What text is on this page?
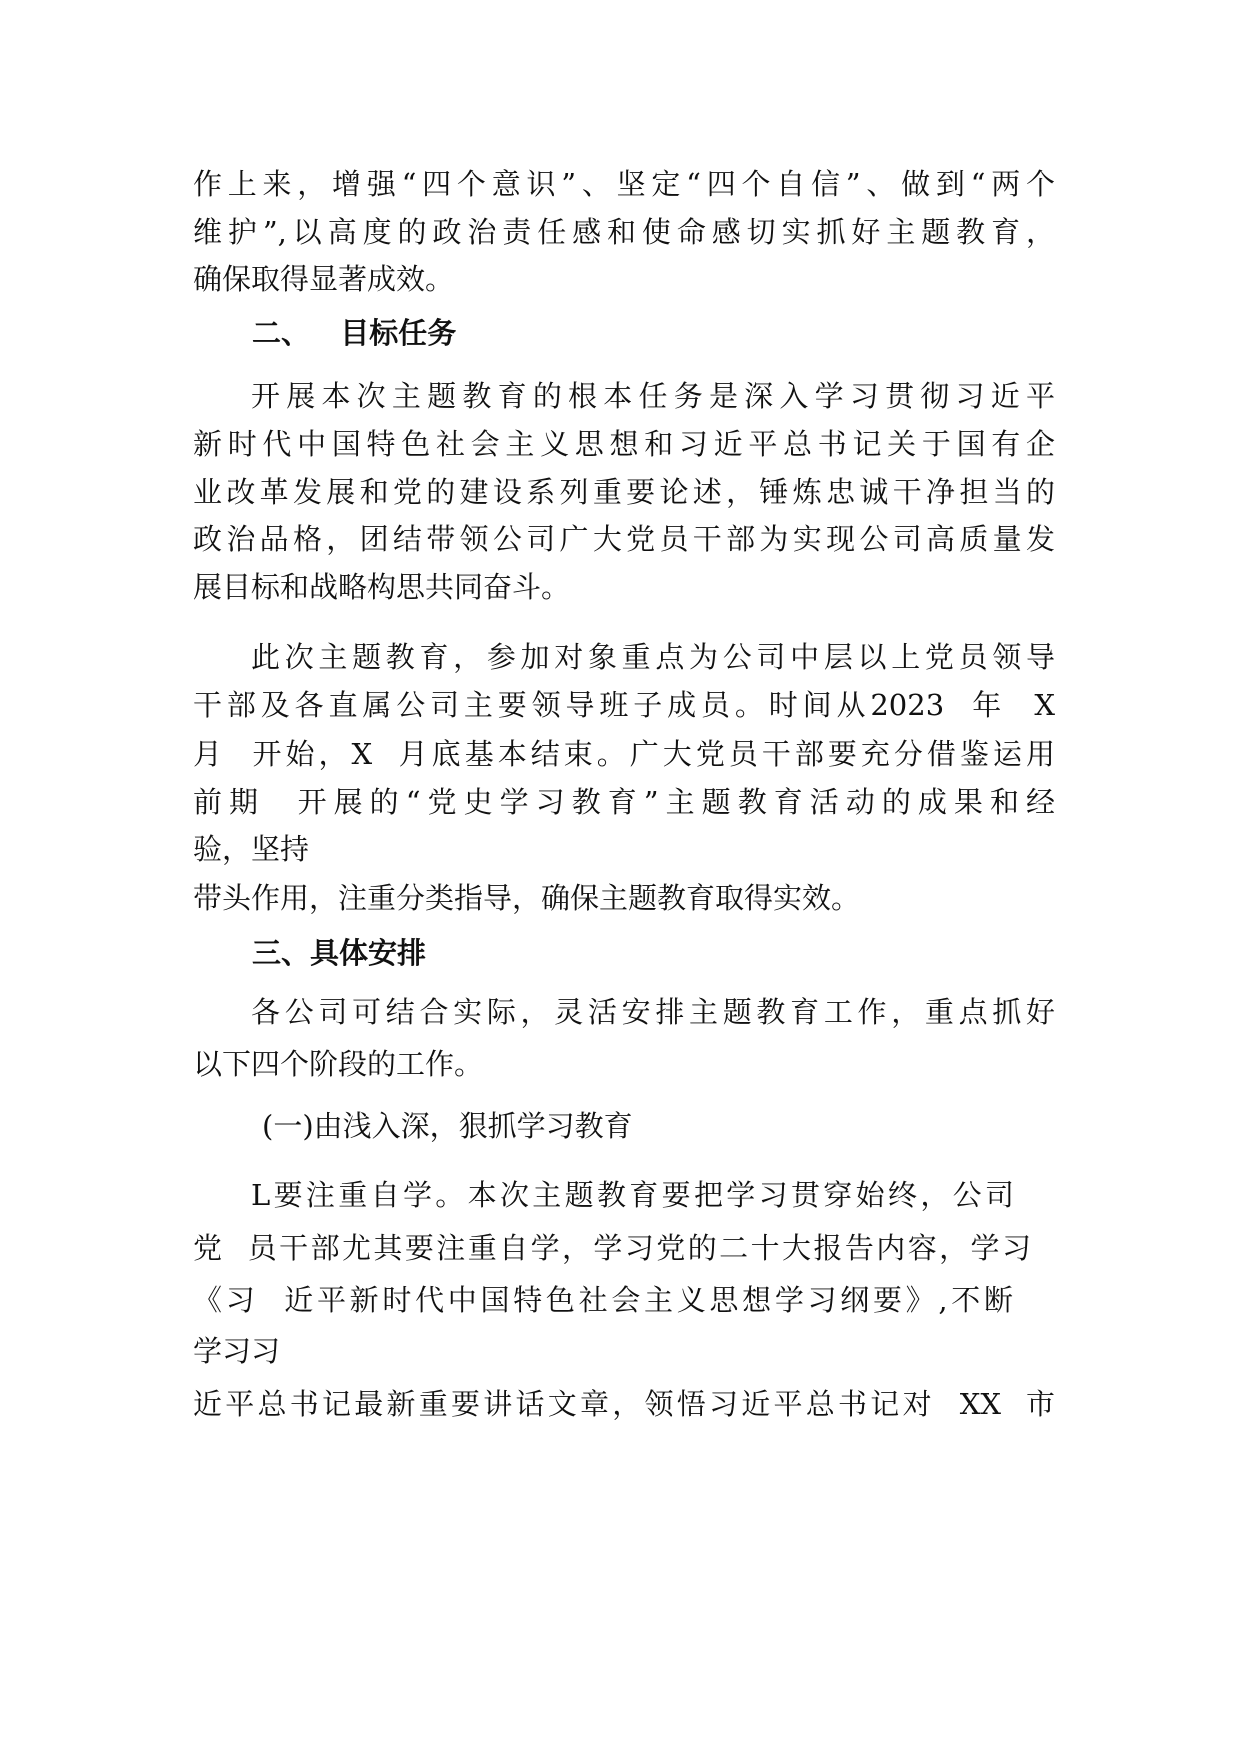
作上来，增强“四个意识”、坚定“四个自信”、做到“两个
维护”,以高度的政治责任感和使命感切实抓好主题教育，
确保取得显著成效。
二、   目标任务
开展本次主题教育的根本任务是深入学习贯彻习近平
新时代中国特色社会主义思想和习近平总书记关于国有企
业改革发展和党的建设系列重要论述，锤炼忠诚干净担当的
政治品格，团结带领公司广大党员干部为实现公司高质量发
展目标和战略构思共同奋斗。
此次主题教育，参加对象重点为公司中层以上党员领导
干部及各直属公司主要领导班子成员。时间从2023  年  X
月  开始，X  月底基本结束。广大党员干部要充分借鉴运用
前期  开展的“党史学习教育”主题教育活动的成果和经
验，坚持
带头作用，注重分类指导，确保主题教育取得实效。
三、具体安排
各公司可结合实际，灵活安排主题教育工作，重点抓好
以下四个阶段的工作。
(一)由浅入深，狠抓学习教育
L要注重自学。本次主题教育要把学习贯穿始终，公司
党  员干部尤其要注重自学，学习党的二十大报告内容，学习
《习  近平新时代中国特色社会主义思想学习纲要》,不断
学习习
近平总书记最新重要讲话文章，领悟习近平总书记对  XX  市
